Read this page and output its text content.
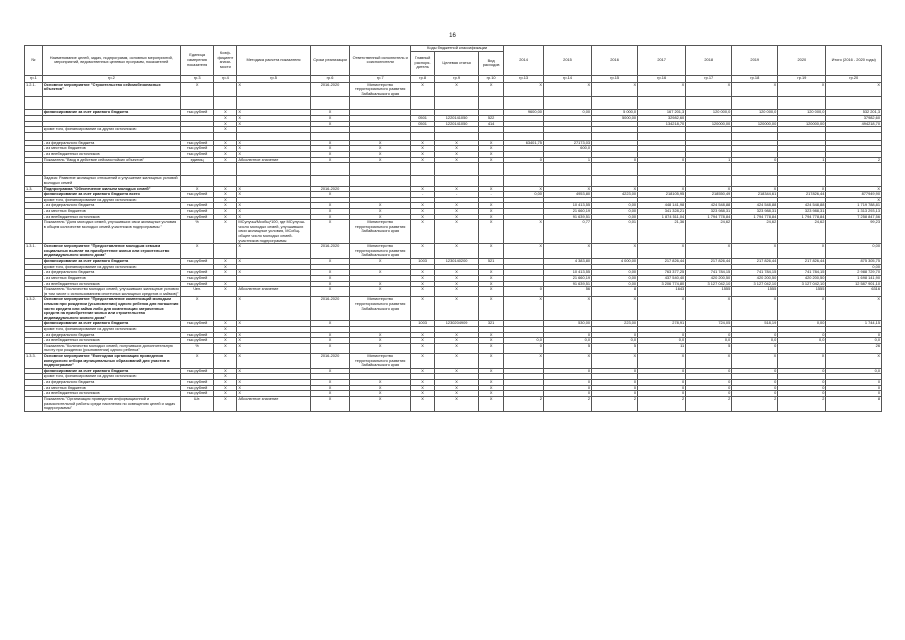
16
№	Наименование целей, задач, подпрограмм, основных мероприятий, мероприятий, ведомственных целевых программ, показателей	Единица измерения показателя	Коэф-фициент значи-мости	Методика расчета показателя	Сроки реализации	Ответственный исполнитель и соисполнители	Коды бюджетной классификации			2014	2015	2016	2017	2018	2019	2020	Итого (2016 - 2020 годы)
							Главный распоря-дитель	Целевая статья	Вид расходов								
гр.1	гр.2	гр.3	гр.4	гр.5	гр.6	гр.7	гр.8	гр.9	гр.10	гр.13	гр.14	гр.15	гр.16	гр.17	гр.18	гр.19	гр.20
1.2.1.	Основное мероприятие "Строительство сейсмобезопасных объектов"	Х		Х	2016-2020	Министерство территориального развития Забайкальского края	Х	Х	Х	Х	Х	Х	Х	Х	Х	Х	Х

	финансирование за счет краевого бюджета	тыс.рублей	Х	Х	Х					9600,00	0,00	5 000,0	167 201,3	120 000,0	120 000,0	120 000,0	532 201,3
			Х	Х	Х		0501	1220141050	522			5000,00	32982,60				37982,60
			Х	Х	Х		0501	1220141050	414				134218,70	120000,00	120000,00	120000,00	494218,70
	кроме того, финансирование из других источников:		Х														

	- из федерального бюджета	тыс.рублей	Х	Х	Х	Х	Х	Х	Х	63401,75	27173,03						
	- из местных бюджетов	тыс.рублей	Х	Х	Х	Х	Х	Х	Х		600,0						
	- из внебюджетных источников	тыс.рублей	Х	Х	Х	Х	Х	Х	Х								
	Показатель "Ввод в действие сейсмостойких объектов"	единиц	Х	Абсолютное значение	Х	Х	Х	Х	Х	0	1	0	0	1	0	1	2

	Задача: Развитие жилищных отношений и улучшение жилищных условий молодых семей																
1.3.	Подпрограмма "Обеспечение жильем молодых семей"	Х	Х	Х	2016-2020		Х	Х	Х	Х	Х	Х	Х	Х	Х	Х	Х
	финансирование за счет краевого бюджета всего	тыс.рублей	Х	Х	Х		-	-	-	0,00	4953,80	4223,00	218105,95	218550,49	218344,61	217826,44	877949,90
	кроме того, финансирование из других источников:		Х														Х
	- из федерального бюджета	тыс.рублей	Х	Х	Х	Х	Х	Х	Х		10 413,55	0,00	448 141,98	424 548,88	424 548,88	424 548,88	1 719 788,81
	- из местных бюджетов	тыс.рублей	Х	Х	Х	Х	Х	Х	Х		21 660,19	0,00	341 328,21	323 988,31	323 988,31	323 988,31	1 313 293,13
	- из внебюджетных источников	тыс.рублей	Х	Х	Х	Х	Х	Х	Х		91 639,51	0,00	1 874 511,04	1 794 778,84	1 794 778,84	1 794 778,84	7 258 847,56
	Показатель "Доля молодых семей, улучшивших свои жилищные условия в общем количестве молодых семей-участников подпрограммы "	%	Х	МСулучш/Мсобщ*100, где МСулучш- число молодых семей, улучшивших свои жилищные условия, МСобщ- общее число молодых семей-участников подпрограммы	Х	Министерство территориального развития Забайкальского края	Х	Х	Х	Х	0,77	0,01	21,36	24,62	24,62	24,62	99,23
1.3.1.	Основное мероприятие "Предоставление молодым семьям социальных выплат на приобретение жилья или строительство индивидуального жилого дома"	Х		Х	2016-2020	Министерство территориального развития Забайкальского края	Х	Х	Х	Х	Х	Х	Х	Х	Х	Х	0,00
	финансирование за счет краевого бюджета	тыс.рублей	Х	Х	Х	Х	1003	1230140200	521		4 383,80	4 000,00	217 826,44	217 826,44	217 826,44	217 826,44	875 305,75
	кроме того, финансирование из других источников:		Х														0,00
	- из федерального бюджета	тыс.рублей	Х	Х	Х	Х	Х	Х	Х		10 413,55	0,00	763 377,25	741 784,15	741 784,15	741 784,15	2 988 729,70
	- из местных бюджетов	тыс.рублей			Х		Х	Х	Х		21 660,19	0,00	437 540,40	420 200,50	420 200,50	420 200,50	1 698 141,90
	- из внебюджетных источников	тыс.рублей	Х		Х	Х	Х	Х	Х		91 639,51	0,00	3 206 774,80	3 127 042,10	3 127 042,10	3 127 042,10	12 587 901,10
	Показатель "Количество молодых семей, улучшивших жилищные условия (в том числе с использованием ипотечных жилищных кредитов и займов)"	Чел.	Х	Абсолютное значение	Х	Х	Х	Х	Х	0	56	8	1643	1555	1555	1555	6316
1.3.2.	Основное мероприятие "Предоставление компенсаций молодым семьям при рождении (усыновлении) одного ребенка для погашения части кредита или займа либо для компенсации затраченных средств на приобретение жилья или строительство индивидуального жилого дома"	Х		Х	2016-2020	Министерство территориального развития Забайкальского края	Х	Х	Х	Х	Х	Х	Х	Х	Х	Х	Х
	финансирование за счет краевого бюджета	тыс.рублей	Х	Х	Х		1003	1230204909	321		530,00	223,00	278,91	724,05	518,19	0,00	1 744,15
	кроме того, финансирование из других источников:		Х														
	- из федерального бюджета	тыс.рублей	Х	Х	Х	Х	Х	Х	Х		0	0	0	0	0	0	0
	- из внебюджетных источников	тыс.рублей	Х	Х	Х	Х	Х	Х	Х	0,0	0,0	0,0	0,0	0,0	0,0	0,0	0,0
	Показатель "Количество молодых семей, получивших дополнительную льготу при рождении (усыновлении) одного ребенка"	%	Х	Х	Х	Х	Х	Х	Х	0	5	5	11	5	0		26
1.3.3.	Основное мероприятие "Ежегодная организация проведения конкурсного отбора муниципальных образований для участия в подпрограмме"	Х	Х	Х	2016-2020	Министерство территориального развития Забайкальского края	Х	Х	Х	Х	Х	Х	Х	Х	Х	Х	Х
	финансирование за счет краевого бюджета	тыс.рублей	Х	Х	Х		Х	Х	Х		0	0	0	0	0	0	0,0
	кроме того, финансирование из других источников:		Х														
	- из федерального бюджета	тыс.рублей	Х	Х	Х	Х	Х	Х	Х		0	0	0	0	0	0	0
	- из местных бюджетов	тыс.рублей	Х	Х	Х	Х	Х	Х	Х		0	0	0	0	0	0	0
	- из внебюджетных источников	тыс.рублей	Х	Х	Х	Х	Х	Х	Х		0	0	0	0	0	0	0
	Показатель "Организация проведения информационной и разъяснительной работы среди населения по освещению целей и задач подпрограммы"	Шт.	Х	Абсолютное значение	Х	Х	Х	Х	Х	2	2	2	2	2	2	2	8
